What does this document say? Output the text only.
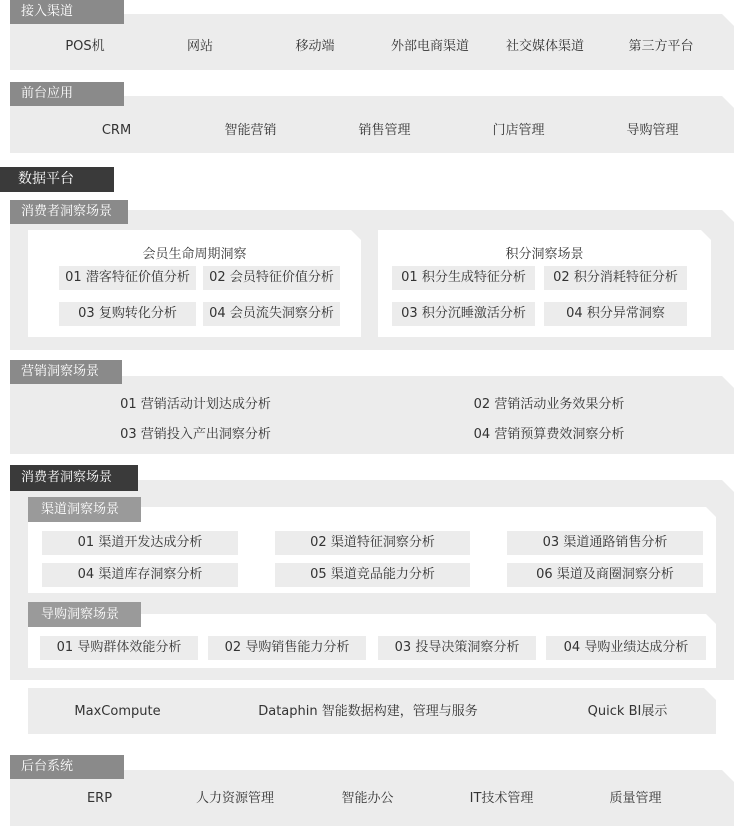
接入渠道
POS机	网站	移动端	外部电商渠道	社交媒体渠道	第三方平台
前台应用
CRM	智能营销	销售管理	门店管理	导购管理
数据平台
消费者洞察场景
会员生命周期洞察
01 潜客特征价值分析	02 会员特征价值分析
03 复购转化分析	04 会员流失洞察分析
积分洞察场景
01 积分生成特征分析	02 积分消耗特征分析
03 积分沉睡激活分析	04 积分异常洞察
营销洞察场景
01 营销活动计划达成分析	02 营销活动业务效果分析
03 营销投入产出洞察分析	04 营销预算费效洞察分析
消费者洞察场景
渠道洞察场景
01 渠道开发达成分析	02 渠道特征洞察分析	03 渠道通路销售分析
04 渠道库存洞察分析	05 渠道竞品能力分析	06 渠道及商圈洞察分析
导购洞察场景
01 导购群体效能分析	02 导购销售能力分析	03 投导决策洞察分析	04 导购业绩达成分析
MaxCompute	Dataphin 智能数据构建，管理与服务	Quick BI展示
后台系统
ERP	人力资源管理	智能办公	IT技术管理	质量管理
